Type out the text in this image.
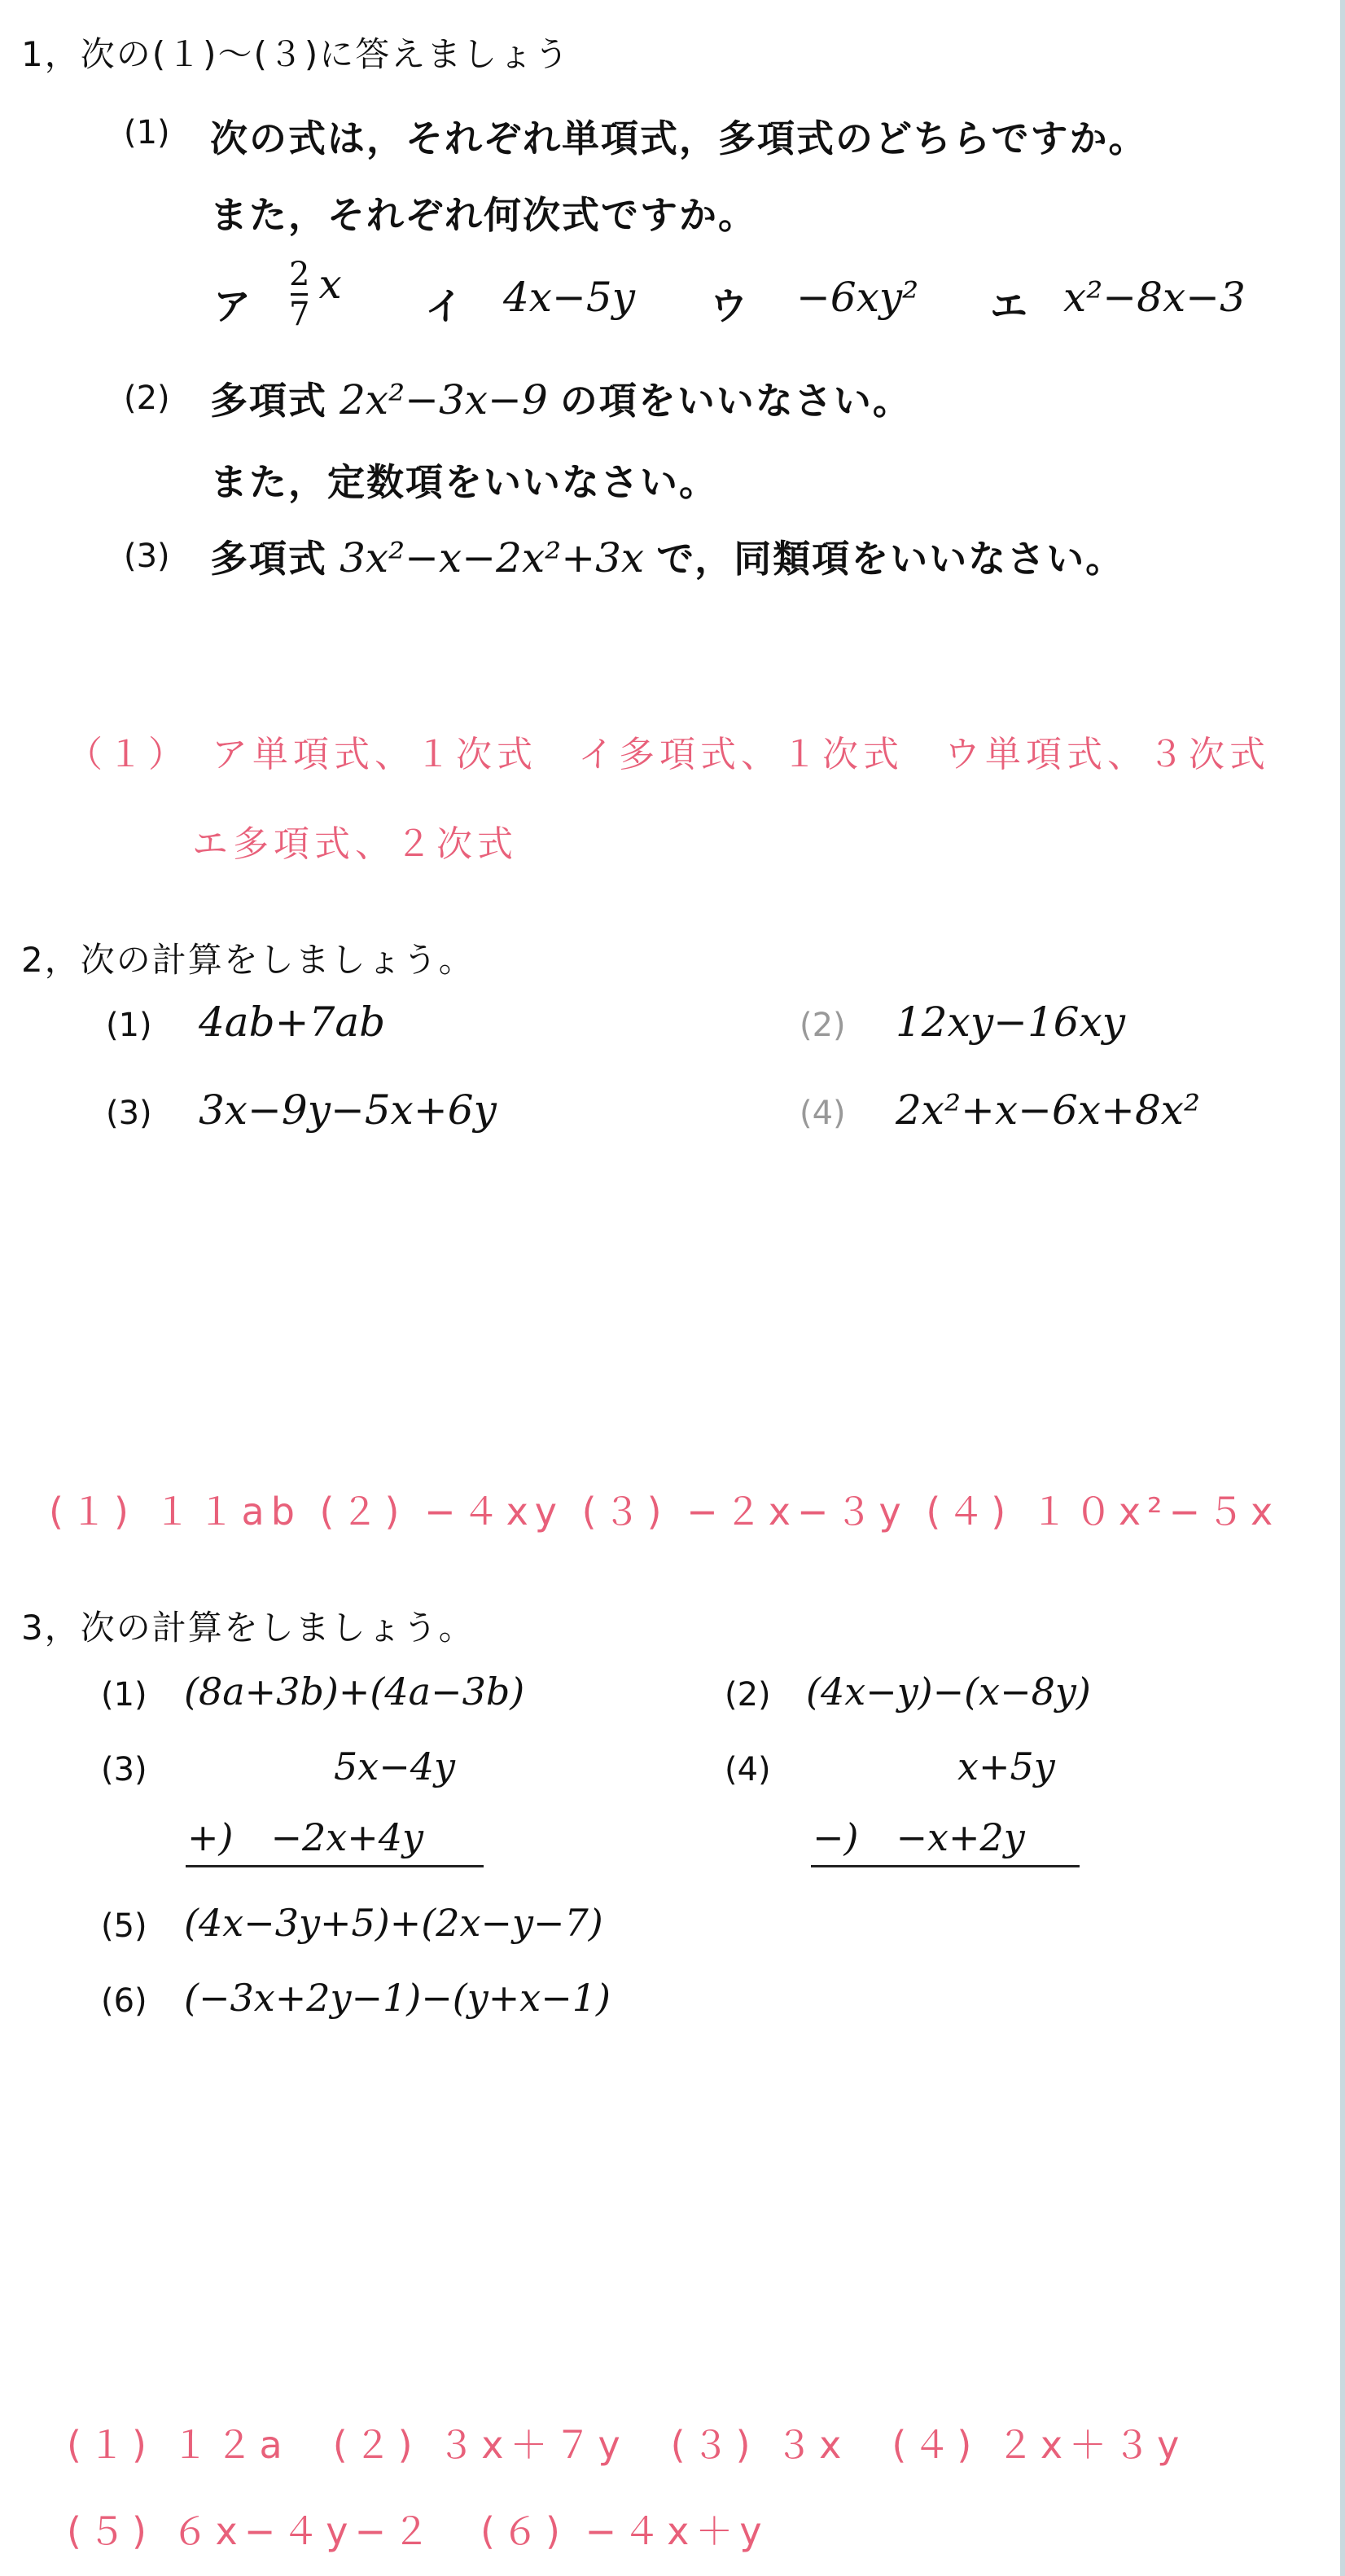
1，次の(１)〜(３)に答えましょう
(1) 次の式は，それぞれ単項式，多項式のどちらですか。
また，それぞれ何次式ですか。
ア $\frac{2}{7}$ x イ 4x−5y ウ −6xy² エ x²−8x−3
(2) 多項式 2x²−3x−9 の項をいいなさい。
また，定数項をいいなさい。
(3) 多項式 3x²−x−2x²+3x で，同類項をいいなさい。
（１）　ア単項式、１次式　イ多項式、１次式　ウ単項式、３次式
エ多項式、２次式
2，次の計算をしましょう。
(1) 4ab+7ab	(2) 12xy−16xy
(3) 3x−9y−5x+6y	(4) 2x²+x−6x+8x²
(１) １１ab (２) −４xy (３) −２x−３y (４) １０x²−５x
3，次の計算をしましょう。
(1) (8a+3b)+(4a−3b)	(2) (4x−y)−(x−8y)
(3)	5x−4y
+)　−2x+4y
(4)	x+5y
−)　−x+2y
(5) (4x−3y+5)+(2x−y−7)
(6) (−3x+2y−1)−(y+x−1)
(１) １２a　(２) ３x＋７y　(３) ３x　(４) ２x＋３y
(５) ６x−４y−２　(６) −４x＋y
